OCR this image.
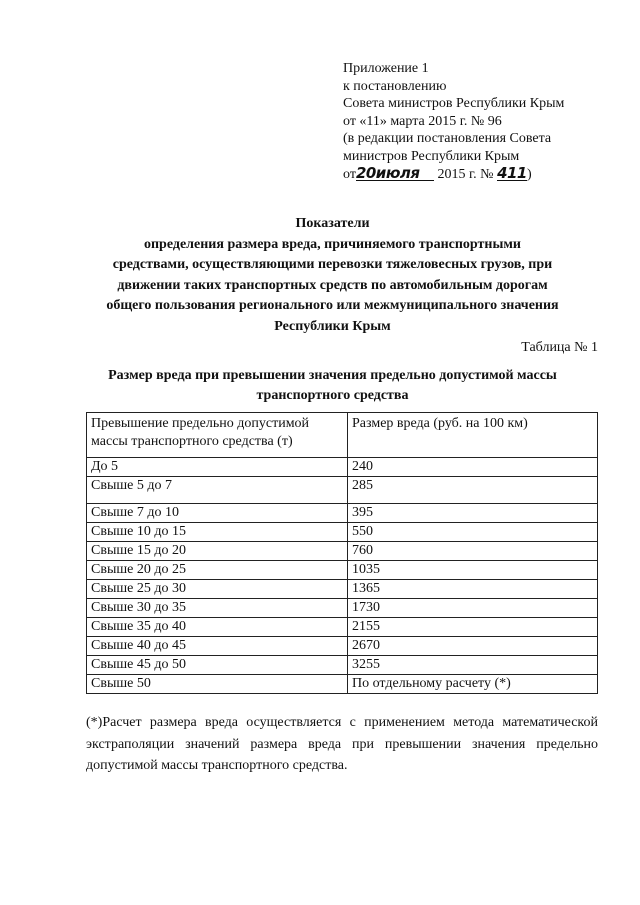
Приложение 1
к постановлению
Совета министров Республики Крым
от «11» марта 2015 г. № 96
(в редакции постановления Совета
министров Республики Крым
от20июля 2015 г. № 411)
Показатели
определения размера вреда, причиняемого транспортными
средствами, осуществляющими перевозки тяжеловесных грузов, при
движении таких транспортных средств по автомобильным дорогам
общего пользования регионального или межмуниципального значения
Республики Крым
Таблица № 1
Размер вреда при превышении значения предельно допустимой массы транспортного средства
Превышение предельно допустимой массы транспортного средства (т)	Размер вреда (руб. на 100 км)
До 5	240
Свыше 5 до 7	285
Свыше 7 до 10	395
Свыше 10 до 15	550
Свыше 15 до 20	760
Свыше 20 до 25	1035
Свыше 25 до 30	1365
Свыше 30 до 35	1730
Свыше 35 до 40	2155
Свыше 40 до 45	2670
Свыше 45 до 50	3255
Свыше 50	По отдельному расчету (*)
(*)Расчет размера вреда осуществляется с применением метода математической экстраполяции значений размера вреда при превышении значения предельно допустимой массы транспортного средства.
